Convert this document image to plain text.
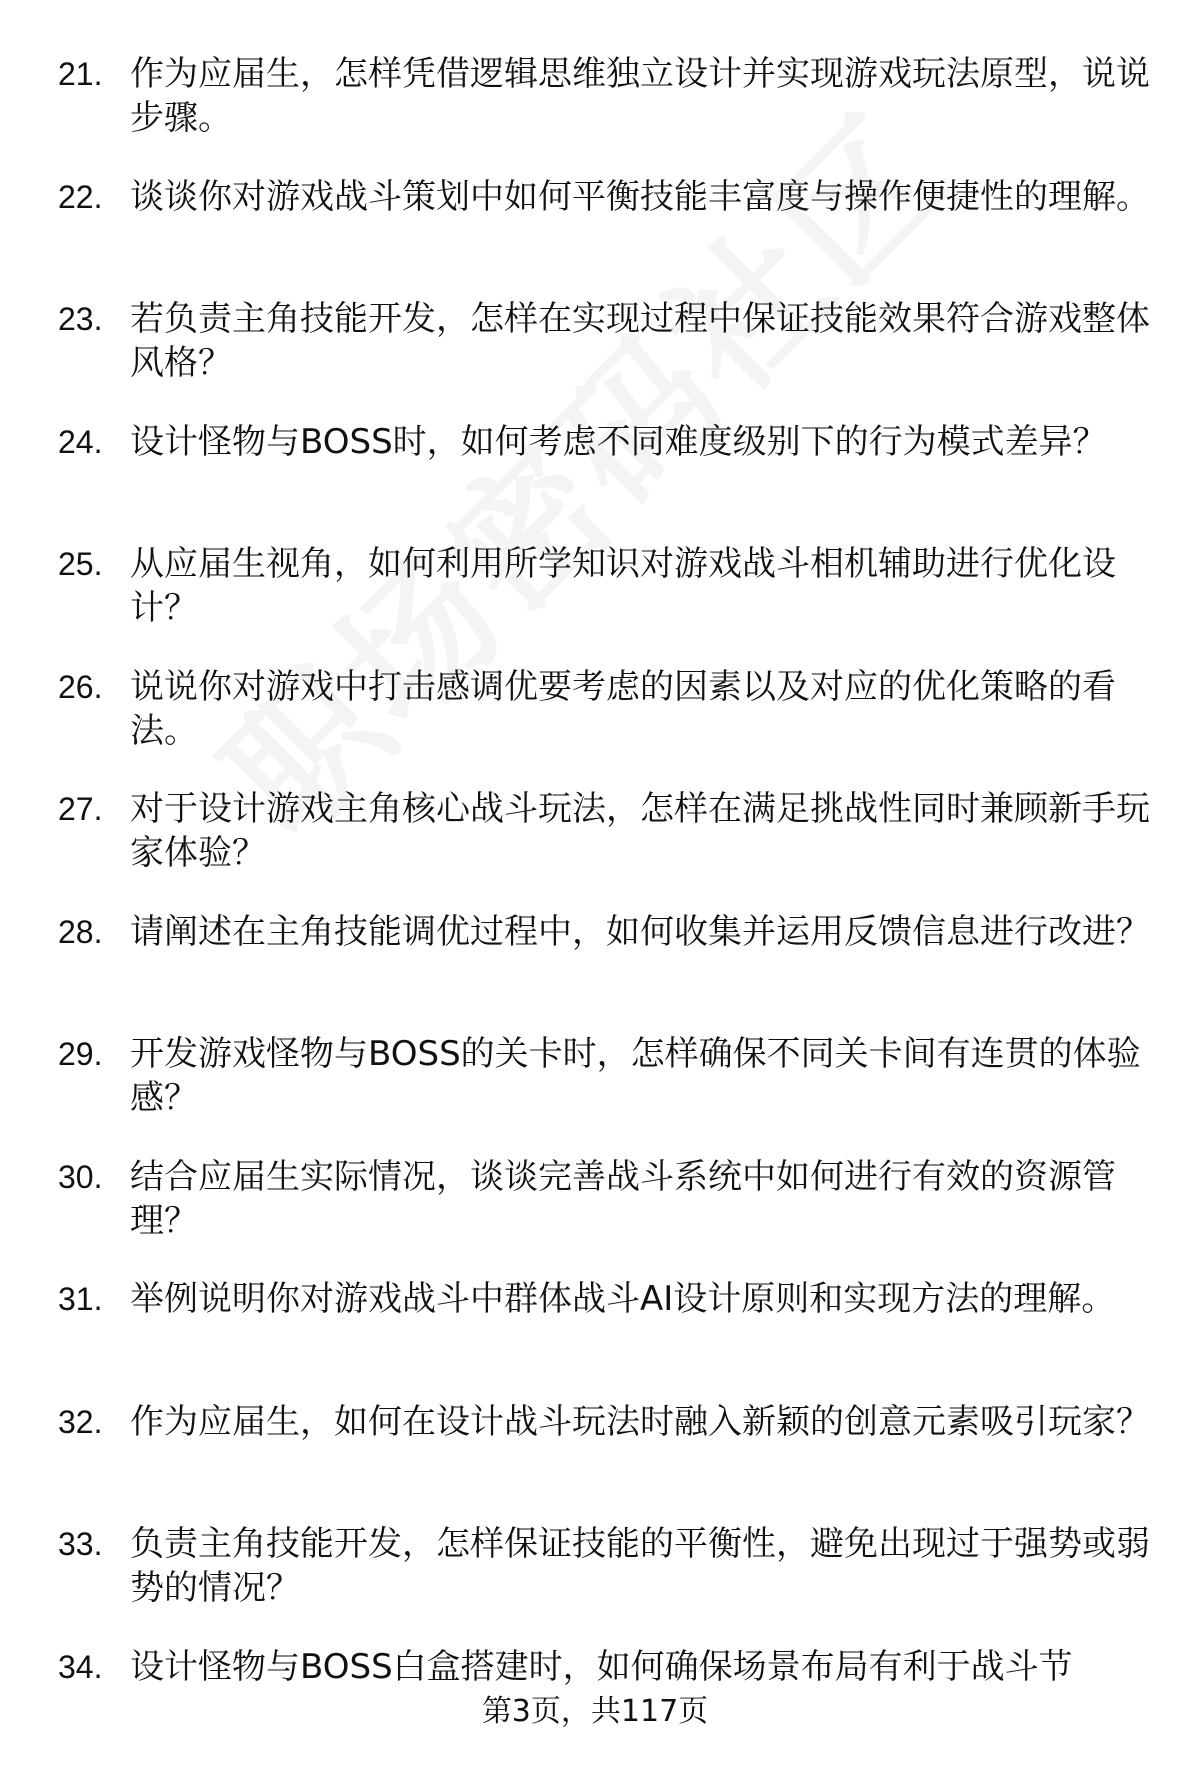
21. 作为应届生，怎样凭借逻辑思维独立设计并实现游戏玩法原型，说说步骤。
22. 谈谈你对游戏战斗策划中如何平衡技能丰富度与操作便捷性的理解。
23. 若负责主角技能开发，怎样在实现过程中保证技能效果符合游戏整体风格？
24. 设计怪物与BOSS时，如何考虑不同难度级别下的行为模式差异？
25. 从应届生视角，如何利用所学知识对游戏战斗相机辅助进行优化设计？
26. 说说你对游戏中打击感调优要考虑的因素以及对应的优化策略的看法。
27. 对于设计游戏主角核心战斗玩法，怎样在满足挑战性同时兼顾新手玩家体验？
28. 请阐述在主角技能调优过程中，如何收集并运用反馈信息进行改进？
29. 开发游戏怪物与BOSS的关卡时，怎样确保不同关卡间有连贯的体验感？
30. 结合应届生实际情况，谈谈完善战斗系统中如何进行有效的资源管理？
31. 举例说明你对游戏战斗中群体战斗AI设计原则和实现方法的理解。
32. 作为应届生，如何在设计战斗玩法时融入新颖的创意元素吸引玩家？
33. 负责主角技能开发，怎样保证技能的平衡性，避免出现过于强势或弱势的情况？
34. 设计怪物与BOSS白盒搭建时，如何确保场景布局有利于战斗节
第3页，共117页
